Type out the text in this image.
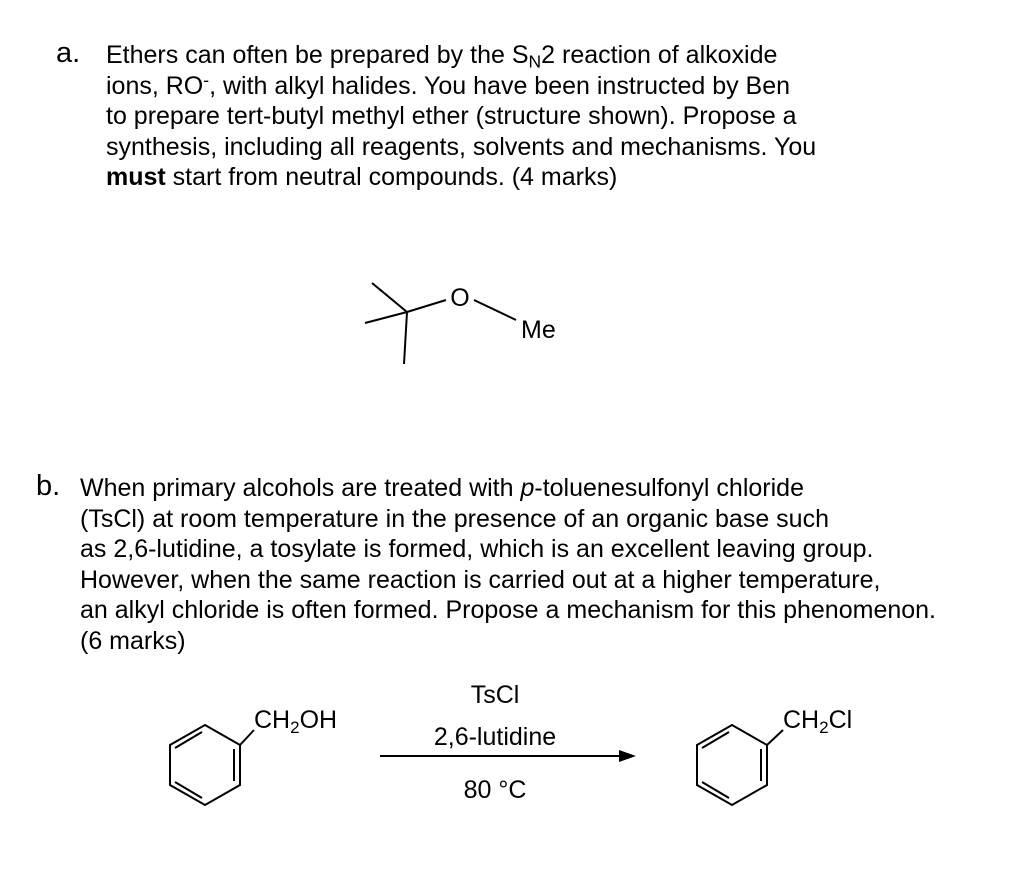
a. Ethers can often be prepared by the $S_N2$ reaction of alkoxide
ions, RO-, with alkyl halides. You have been instructed by Ben
to prepare tert-butyl methyl ether (structure shown). Propose a
synthesis, including all reagents, solvents and mechanisms. You
must start from neutral compounds. (4 marks)
O
Me
b. When primary alcohols are treated with p-toluenesulfonyl chloride
(TsCl) at room temperature in the presence of an organic base such
as 2,6-lutidine, a tosylate is formed, which is an excellent leaving group.
However, when the same reaction is carried out at a higher temperature,
an alkyl chloride is often formed. Propose a mechanism for this phenomenon.
(6 marks)
$CH_2OH$
TsCl
2,6-lutidine
80 °C
$CH_2Cl$
